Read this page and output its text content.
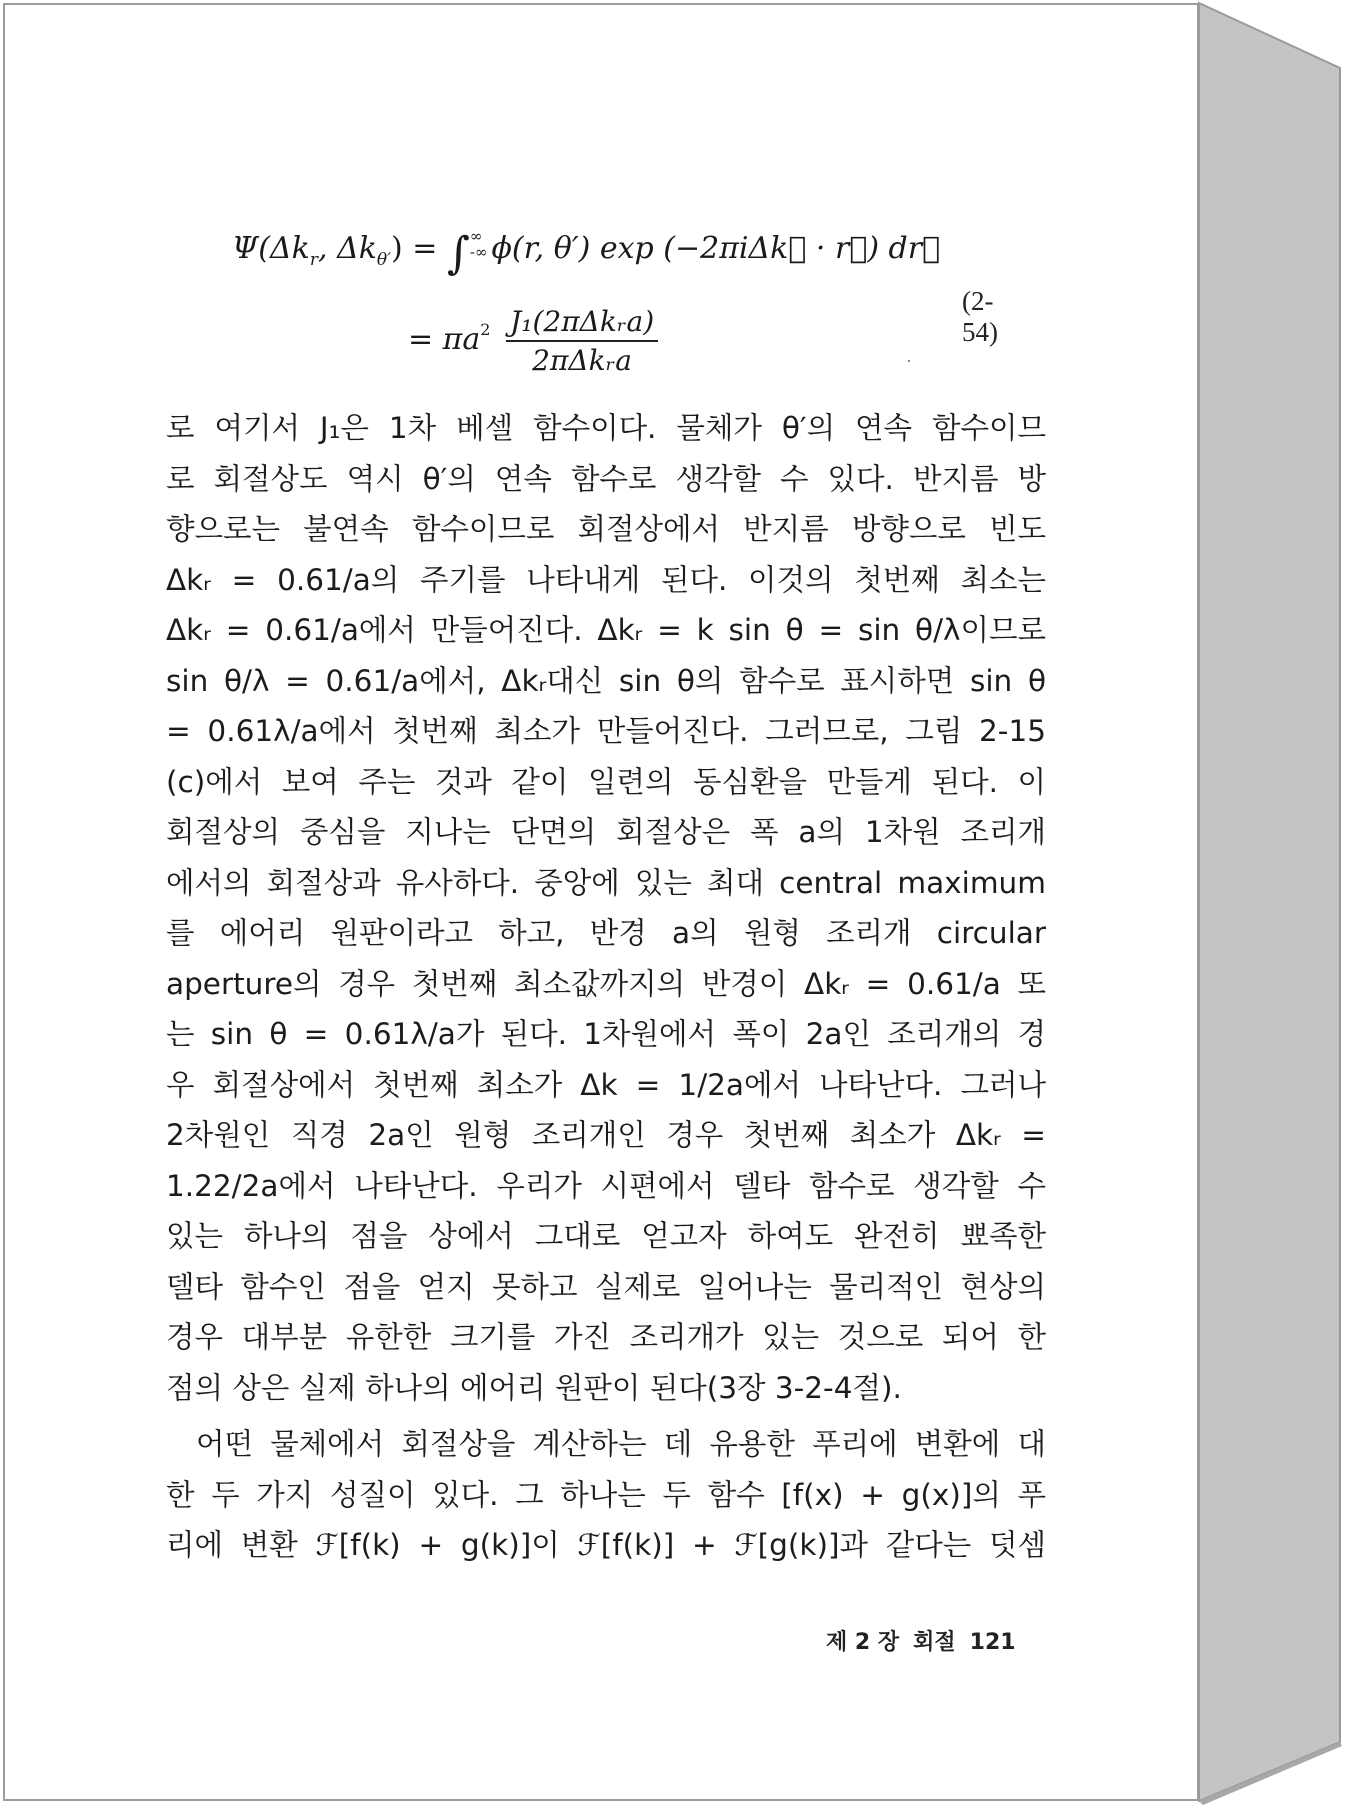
$\Psi(\Delta k_r$, $\Delta k_{\theta'}$) = ∫∞
-∞ ϕ(r, θ′) exp (−2πiΔk⃗ · r⃗) dr⃗
= $\pi a^2 \frac{\text{J₁(2πΔkᵣa)}}{\text{2πΔkᵣa}}$
(2-54)
로 여기서 J₁은 1차 베셀 함수이다. 물체가 θ′의 연속 함수이므
로 회절상도 역시 θ′의 연속 함수로 생각할 수 있다. 반지름 방
향으로는 불연속 함수이므로 회절상에서 반지름 방향으로 빈도
Δkᵣ = 0.61/a의 주기를 나타내게 된다. 이것의 첫번째 최소는
Δkᵣ = 0.61/a에서 만들어진다. Δkᵣ = k sin θ = sin θ/λ이므로
sin θ/λ = 0.61/a에서, Δkᵣ대신 sin θ의 함수로 표시하면 sin θ
= 0.61λ/a에서 첫번째 최소가 만들어진다. 그러므로, 그림 2-15
(c)에서 보여 주는 것과 같이 일련의 동심환을 만들게 된다. 이
회절상의 중심을 지나는 단면의 회절상은 폭 a의 1차원 조리개
에서의 회절상과 유사하다. 중앙에 있는 최대 central maximum
를 에어리 원판이라고 하고, 반경 a의 원형 조리개 circular
aperture의 경우 첫번째 최소값까지의 반경이 Δkᵣ = 0.61/a 또
는 sin θ = 0.61λ/a가 된다. 1차원에서 폭이 2a인 조리개의 경
우 회절상에서 첫번째 최소가 Δk = 1/2a에서 나타난다. 그러나
2차원인 직경 2a인 원형 조리개인 경우 첫번째 최소가 Δkᵣ =
1.22/2a에서 나타난다. 우리가 시편에서 델타 함수로 생각할 수
있는 하나의 점을 상에서 그대로 얻고자 하여도 완전히 뾰족한
델타 함수인 점을 얻지 못하고 실제로 일어나는 물리적인 현상의
경우 대부분 유한한 크기를 가진 조리개가 있는 것으로 되어 한
점의 상은 실제 하나의 에어리 원판이 된다(3장 3-2-4절).
어떤 물체에서 회절상을 계산하는 데 유용한 푸리에 변환에 대
한 두 가지 성질이 있다. 그 하나는 두 함수 [f(x) + g(x)]의 푸
리에 변환 ℱ[f(k) + g(k)]이 ℱ[f(k)] + ℱ[g(k)]과 같다는 덧셈
제 2 장 회절 121
